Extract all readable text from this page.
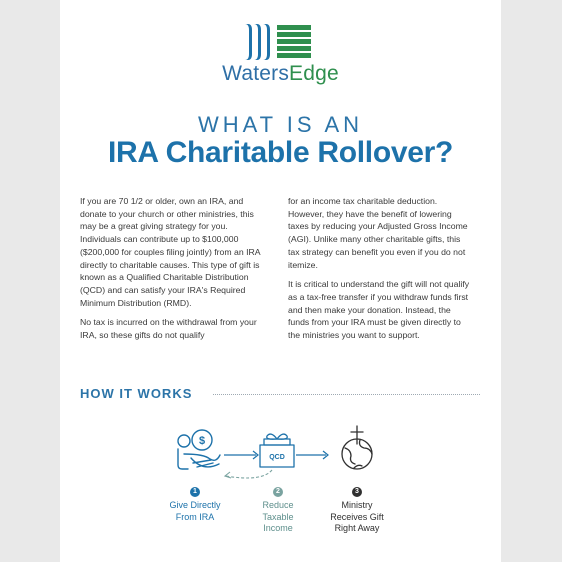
WatersEdge
WHAT IS AN
IRA Charitable Rollover?

If you are 70 1/2 or older, own an IRA, and donate to your church or other ministries, this may be a great giving strategy for you. Individuals can contribute up to $100,000 ($200,000 for couples filing jointly) from an IRA directly to charitable causes. This type of gift is known as a Qualified Charitable Distribution (QCD) and can satisfy your IRA's Required Minimum Distribution (RMD).

No tax is incurred on the withdrawal from your IRA, so these gifts do not qualify

for an income tax charitable deduction. However, they have the benefit of lowering taxes by reducing your Adjusted Gross Income (AGI). Unlike many other charitable gifts, this tax strategy can benefit you even if you do not itemize.

It is critical to understand the gift will not qualify as a tax-free transfer if you withdraw funds first and then make your donation. Instead, the funds from your IRA must be given directly to the ministries you want to support.

HOW IT WORKS
$
QCD
1
Give Directly From IRA
2
Reduce Taxable Income
3
Ministry Receives Gift Right Away
